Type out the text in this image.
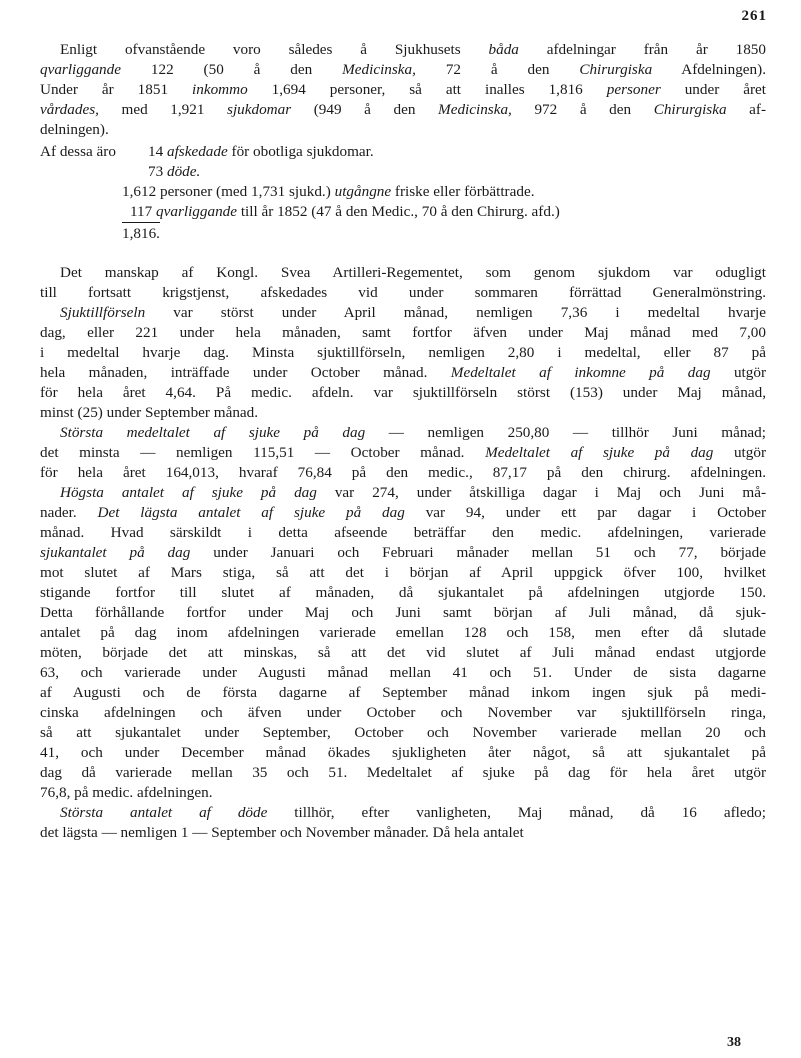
261
Enligt ofvanstående voro således å Sjukhusets båda afdelningar från år 1850
qvarliggande 122 (50 å den Medicinska, 72 å den Chirurgiska Afdelningen).
Under år 1851 inkommo 1,694 personer, så att inalles 1,816 personer under året
vårdades, med 1,921 sjukdomar (949 å den Medicinska, 972 å den Chirurgiska af-
delningen).
Af dessa äro 14 afskedade för obotliga sjukdomar.
73 döde.
1,612 personer (med 1,731 sjukd.) utgångne friske eller förbättrade.
117 qvarliggande till år 1852 (47 å den Medic., 70 å den Chirurg. afd.)
1,816.
Det manskap af Kongl. Svea Artilleri-Regementet, som genom sjukdom var odugligt
till fortsatt krigstjenst, afskedades vid under sommaren förrättad Generalmönstring.
Sjuktillförseln var störst under April månad, nemligen 7,36 i medeltal hvarje
dag, eller 221 under hela månaden, samt fortfor äfven under Maj månad med 7,00
i medeltal hvarje dag. Minsta sjuktillförseln, nemligen 2,80 i medeltal, eller 87 på
hela månaden, inträffade under October månad. Medeltalet af inkomne på dag utgör
för hela året 4,64. På medic. afdeln. var sjuktillförseln störst (153) under Maj månad,
minst (25) under September månad.
Största medeltalet af sjuke på dag — nemligen 250,80 — tillhör Juni månad;
det minsta — nemligen 115,51 — October månad. Medeltalet af sjuke på dag utgör
för hela året 164,013, hvaraf 76,84 på den medic., 87,17 på den chirurg. afdelningen.
Högsta antalet af sjuke på dag var 274, under åtskilliga dagar i Maj och Juni må-
nader. Det lägsta antalet af sjuke på dag var 94, under ett par dagar i October
månad. Hvad särskildt i detta afseende beträffar den medic. afdelningen, varierade
sjukantalet på dag under Januari och Februari månader mellan 51 och 77, började
mot slutet af Mars stiga, så att det i början af April uppgick öfver 100, hvilket
stigande fortfor till slutet af månaden, då sjukantalet på afdelningen utgjorde 150.
Detta förhållande fortfor under Maj och Juni samt början af Juli månad, då sjuk-
antalet på dag inom afdelningen varierade emellan 128 och 158, men efter då slutade
möten, började det att minskas, så att det vid slutet af Juli månad endast utgjorde
63, och varierade under Augusti månad mellan 41 och 51. Under de sista dagarne
af Augusti och de första dagarne af September månad inkom ingen sjuk på medi-
cinska afdelningen och äfven under October och November var sjuktillförseln ringa,
så att sjukantalet under September, October och November varierade mellan 20 och
41, och under December månad ökades sjukligheten åter något, så att sjukantalet på
dag då varierade mellan 35 och 51. Medeltalet af sjuke på dag för hela året utgör
76,8, på medic. afdelningen.
Största antalet af döde tillhör, efter vanligheten, Maj månad, då 16 afledo;
det lägsta — nemligen 1 — September och November månader. Då hela antalet
38
